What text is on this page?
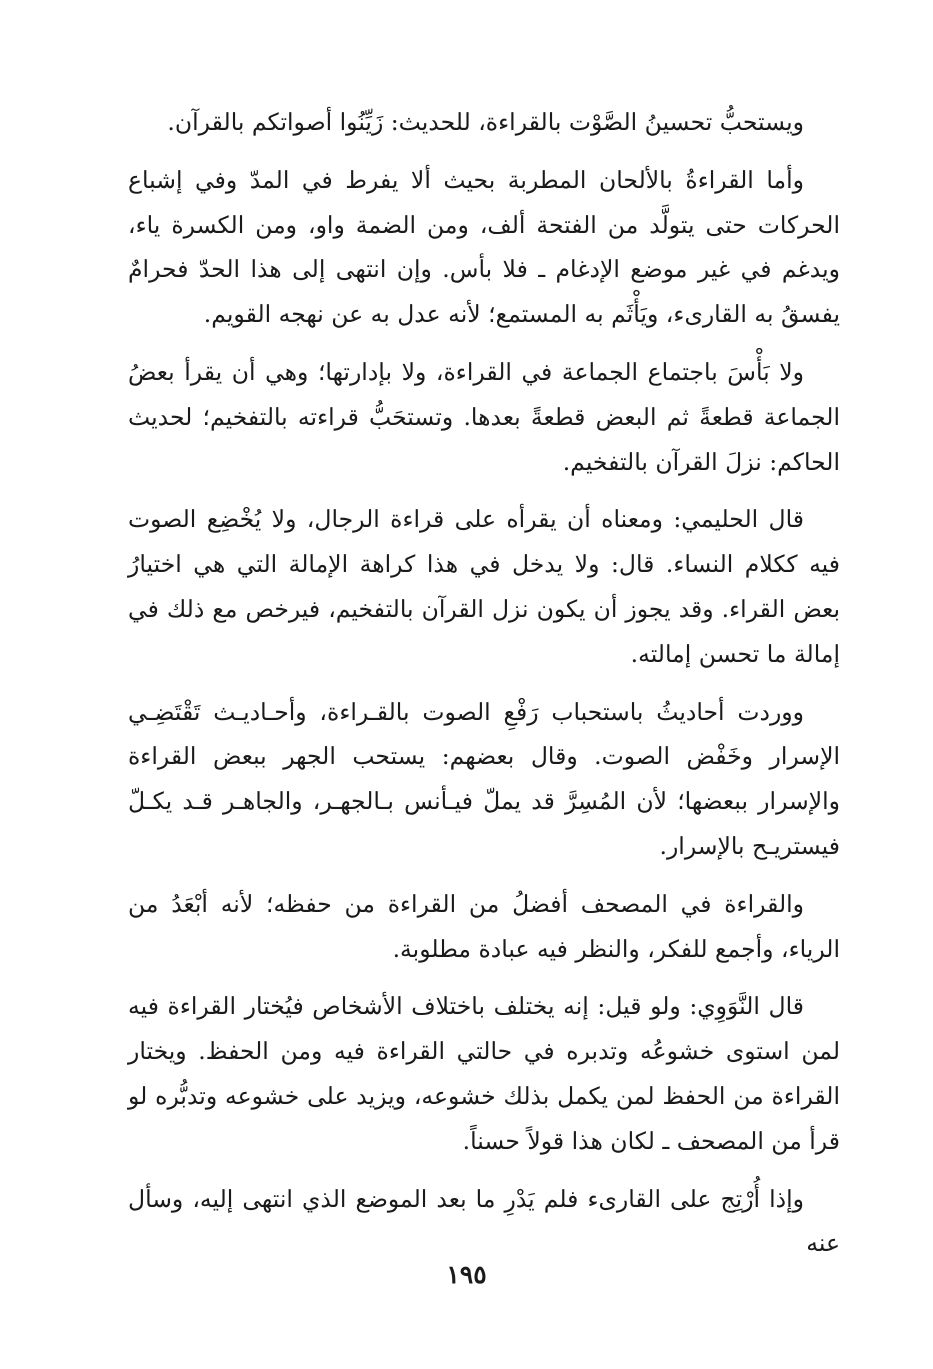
ويستحبُّ تحسينُ الصَّوْت بالقراءة، للحديث: زَيِّنُوا أصواتكم بالقرآن.

وأما القراءةُ بالألحان المطربة بحيث ألا يفرط في المدّ وفي إشباع الحركات حتى يتولَّد من الفتحة ألف، ومن الضمة واو، ومن الكسرة ياء، ويدغم في غير موضع الإدغام ـ فلا بأس. وإن انتهى إلى هذا الحدّ فحرامٌ يفسقُ به القارىء، ويَأْثَم به المستمع؛ لأنه عدل به عن نهجه القويم.

ولا بَأْسَ باجتماع الجماعة في القراءة، ولا بإدارتها؛ وهي أن يقرأ بعضُ الجماعة قطعةً ثم البعض قطعةً بعدها. وتستحَبُّ قراءته بالتفخيم؛ لحديث الحاكم: نزلَ القرآن بالتفخيم.

قال الحليمي: ومعناه أن يقرأه على قراءة الرجال، ولا يُخْضِع الصوت فيه ككلام النساء. قال: ولا يدخل في هذا كراهة الإمالة التي هي اختيارُ بعض القراء. وقد يجوز أن يكون نزل القرآن بالتفخيم، فيرخص مع ذلك في إمالة ما تحسن إمالته.

ووردت أحاديثُ باستحباب رَفْعِ الصوت بالقـراءة، وأحـاديـث تَقْتَضِـي الإسرار وخَفْض الصوت. وقال بعضهم: يستحب الجهر ببعض القراءة والإسرار ببعضها؛ لأن المُسِرَّ قد يملّ فيـأنس بـالجهـر، والجاهـر قـد يكـلّ فيستريـح بالإسرار.

والقراءة في المصحف أفضلُ من القراءة من حفظه؛ لأنه أبْعَدُ من الرياء، وأجمع للفكر، والنظر فيه عبادة مطلوبة.

قال النَّوَوِي: ولو قيل: إنه يختلف باختلاف الأشخاص فيُختار القراءة فيه لمن استوى خشوعُه وتدبره في حالتي القراءة فيه ومن الحفظ. ويختار القراءة من الحفظ لمن يكمل بذلك خشوعه، ويزيد على خشوعه وتدبُّره لو قرأ من المصحف ـ لكان هذا قولاً حسناً.

وإذا أُرْتِج على القارىء فلم يَدْرِ ما بعد الموضع الذي انتهى إليه، وسأل عنه

١٩٥
